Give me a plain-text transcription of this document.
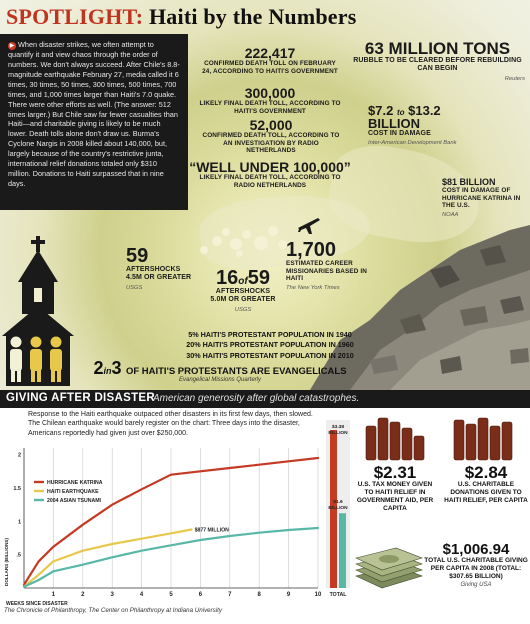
SPOTLIGHT: Haiti by the Numbers
▶ When disaster strikes, we often attempt to quantify it and view chaos through the order of numbers. We don't always succeed. After Chile's 8.8-magnitude earthquake February 27, media called it 6 times, 30 times, 50 times, 300 times, 500 times, 700 times, and 1,000 times larger than Haiti's 7.0 quake. There were other efforts as well. (The answer: 512 times larger.) But Chile saw far fewer casualties than Haiti—and charitable giving is likely to be much lower. Death tolls alone don't draw us. Burma's Cyclone Nargis in 2008 killed about 140,000, but, largely because of the country's restrictive junta, international relief donations totaled only $310 million. Donations to Haiti surpassed that in nine days.
222,417
CONFIRMED DEATH TOLL ON FEBRUARY 24, ACCORDING TO HAITI'S GOVERNMENT
300,000
LIKELY FINAL DEATH TOLL, ACCORDING TO HAITI'S GOVERNMENT
52,000
CONFIRMED DEATH TOLL, ACCORDING TO AN INVESTIGATION BY RADIO NETHERLANDS
“WELL UNDER 100,000”
LIKELY FINAL DEATH TOLL, ACCORDING TO RADIO NETHERLANDS
63 MILLION TONS
RUBBLE TO BE CLEARED BEFORE REBUILDING CAN BEGIN
Reuters
$7.2 to $13.2
BILLION
COST IN DAMAGE
Inter-American Development Bank
$81 BILLION
COST IN DAMAGE OF HURRICANE KATRINA IN THE U.S.
NOAA
59
AFTERSHOCKS 4.5M OR GREATER
USGS	16of59
AFTERSHOCKS 5.0M OR GREATER
USGS
1,700
ESTIMATED CAREER MISSIONARIES BASED IN HAITI
The New York Times
5% HAITI'S PROTESTANT POPULATION IN 1940
20% HAITI'S PROTESTANT POPULATION IN 1960
30% HAITI'S PROTESTANT POPULATION IN 2010
2in3 OF HAITI'S PROTESTANTS ARE EVANGELICALS
Evangelical Missions Quarterly
GIVING AFTER DISASTER
American generosity after global catastrophes.
1	2	3	4	5	6	7	8	9	10
WEEKS SINCE DISASTER
.5
1
1.5
2
DOLLARS (BILLIONS)
HURRICANE KATRINA
HAITI EARTHQUAKE
2004 ASIAN TSUNAMI
$877 MILLION
$3.38
BILLION
$1.6
BILLION
TOTAL
Response to the Haiti earthquake outpaced other disasters in its first few days, then slowed. The Chilean earthquake would barely register on the chart: Three days into the disaster, Americans reportedly had given just over $250,000.
$2.31
U.S. TAX MONEY GIVEN TO HAITI RELIEF IN GOVERNMENT AID, PER CAPITA
$2.84
U.S. CHARITABLE DONATIONS GIVEN TO HAITI RELIEF, PER CAPITA
$1,006.94
TOTAL U.S. CHARITABLE GIVING PER CAPITA IN 2008 (TOTAL: $307.65 BILLION)
Giving USA
The Chronicle of Philanthropy, The Center on Philanthropy at Indiana University
